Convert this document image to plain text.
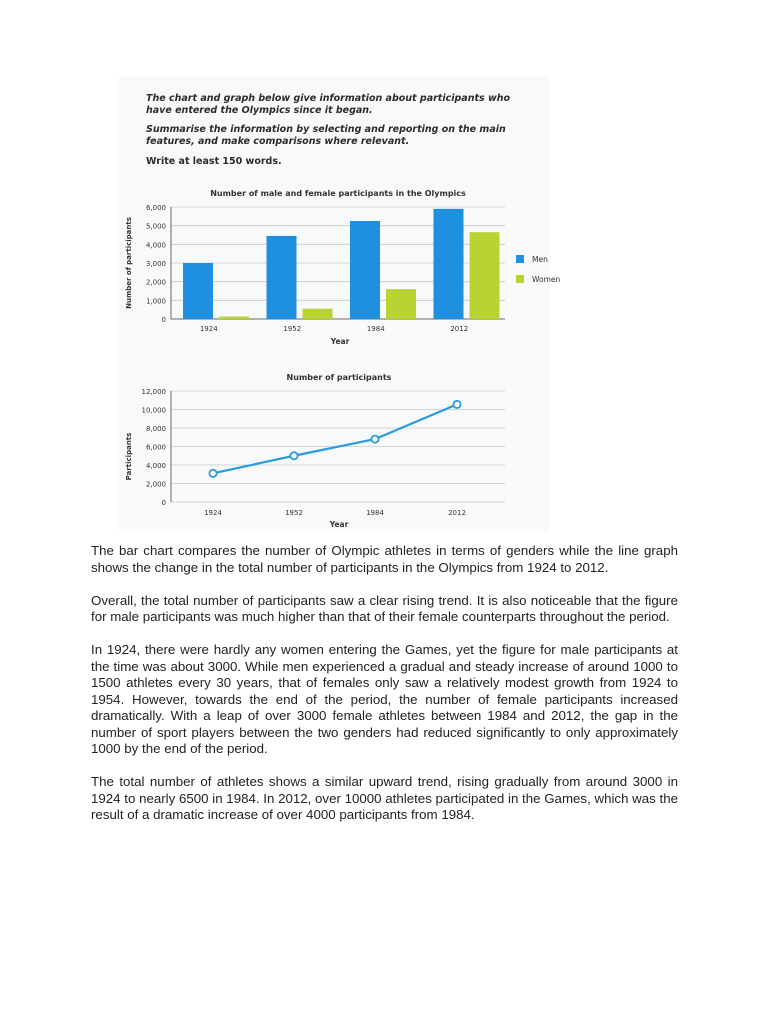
The chart and graph below give information about participants who have entered the Olympics since it began.

Summarise the information by selecting and reporting on the main features, and make comparisons where relevant.

Write at least 150 words.

Number of male and female participants in the Olympics
0
1,000
2,000
3,000
4,000
5,000
6,000
1924	1952	1984	2012
Year
Number of participants	Men
Women
Number of participants
0
2,000
4,000
6,000
8,000
10,000
12,000
1924	1952	1984	2012
Year
Participants

The bar chart compares the number of Olympic athletes in terms of genders while the line graph shows the change in the total number of participants in the Olympics from 1924 to 2012.

Overall, the total number of participants saw a clear rising trend. It is also noticeable that the figure for male participants was much higher than that of their female counterparts throughout the period.

In 1924, there were hardly any women entering the Games, yet the figure for male participants at the time was about 3000. While men experienced a gradual and steady increase of around 1000 to 1500 athletes every 30 years, that of females only saw a relatively modest growth from 1924 to 1954. However, towards the end of the period, the number of female participants increased dramatically. With a leap of over 3000 female athletes between 1984 and 2012, the gap in the number of sport players between the two genders had reduced significantly to only approximately 1000 by the end of the period.

The total number of athletes shows a similar upward trend, rising gradually from around 3000 in 1924 to nearly 6500 in 1984. In 2012, over 10000 athletes participated in the Games, which was the result of a dramatic increase of over 4000 participants from 1984.
